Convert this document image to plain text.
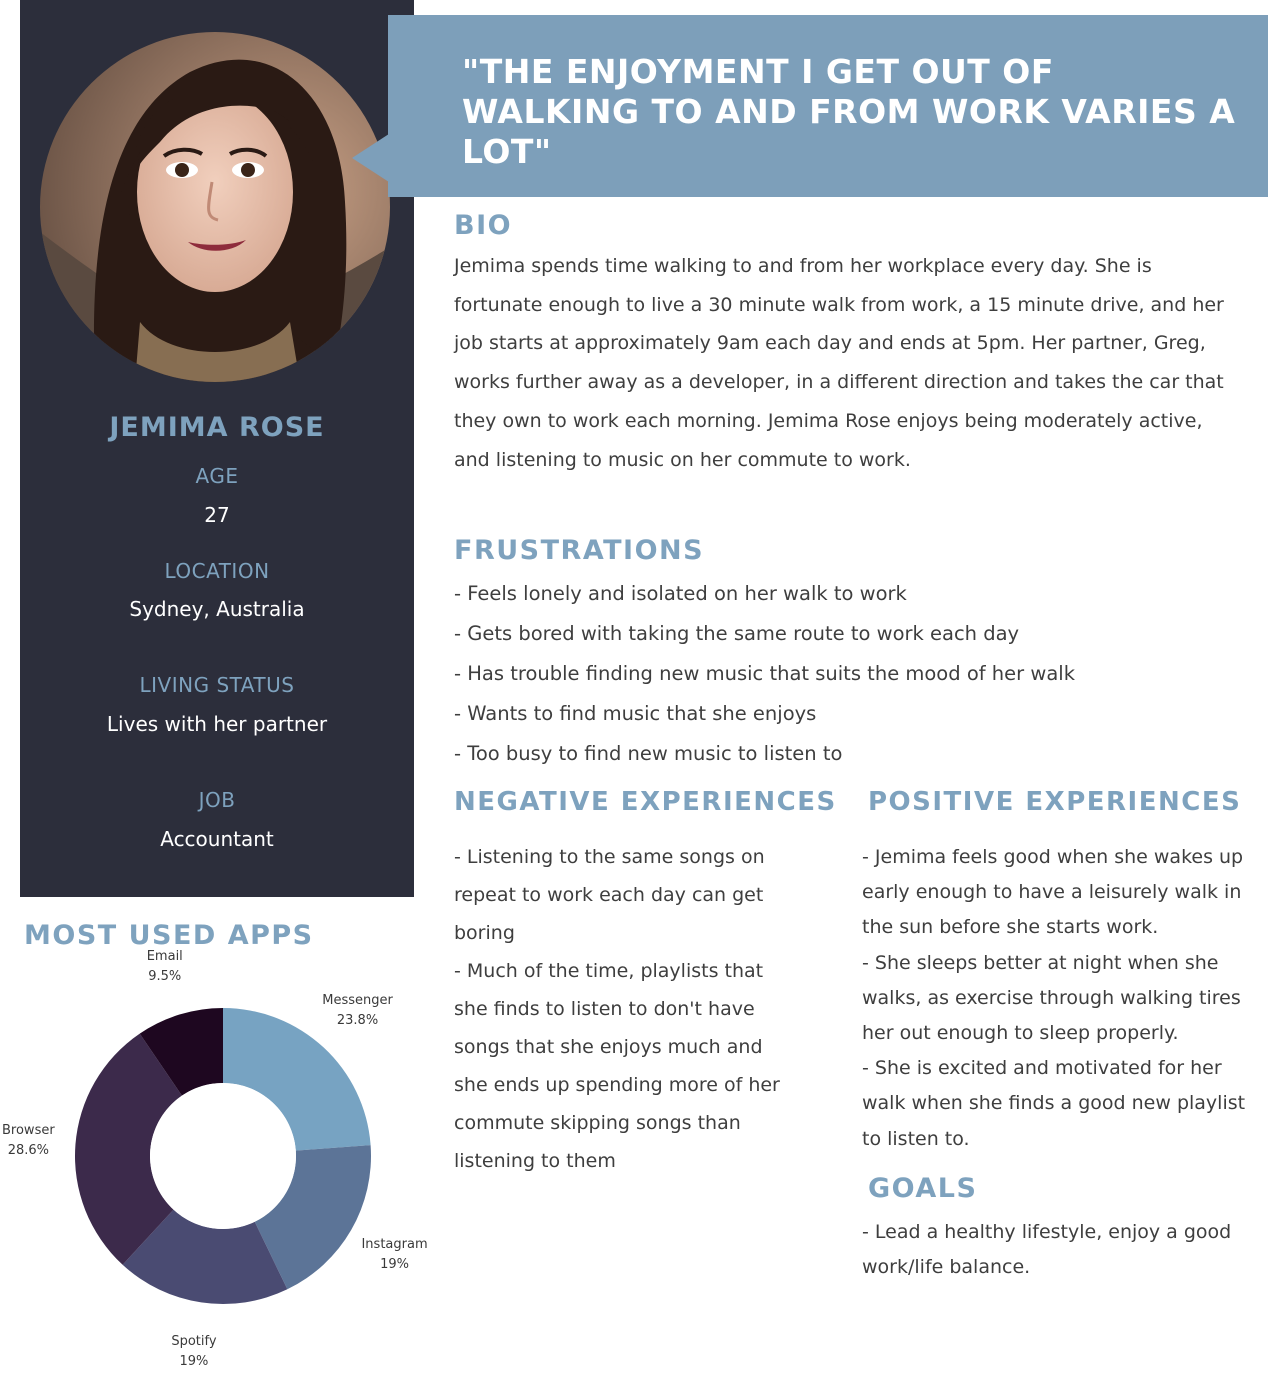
JEMIMA ROSE
AGE
27
LOCATION
Sydney, Australia
LIVING STATUS
Lives with her partner
JOB
Accountant

"THE ENJOYMENT I GET OUT OF WALKING TO AND FROM WORK VARIES A LOT"

BIO

Jemima spends time walking to and from her workplace every day. She is fortunate enough to live a 30 minute walk from work, a 15 minute drive, and her job starts at approximately 9am each day and ends at 5pm. Her partner, Greg, works further away as a developer, in a different direction and takes the car that they own to work each morning. Jemima Rose enjoys being moderately active, and listening to music on her commute to work.

FRUSTRATIONS
- Feels lonely and isolated on her walk to work
- Gets bored with taking the same route to work each day
- Has trouble finding new music that suits the mood of her walk
- Wants to find music that she enjoys
- Too busy to find new music to listen to
NEGATIVE EXPERIENCES
- Listening to the same songs on repeat to work each day can get boring
- Much of the time, playlists that she finds to listen to don't have songs that she enjoys much and she ends up spending more of her commute skipping songs than listening to them
POSITIVE EXPERIENCES
- Jemima feels good when she wakes up early enough to have a leisurely walk in the sun before she starts work.
- She sleeps better at night when she walks, as exercise through walking tires her out enough to sleep properly.
- She is excited and motivated for her walk when she finds a good new playlist to listen to.
GOALS

- Lead a healthy lifestyle, enjoy a good work/life balance.

MOST USED APPS
Messenger
23.8%
Instagram
19%
Spotify
19%
Browser
28.6%
Email
9.5%
